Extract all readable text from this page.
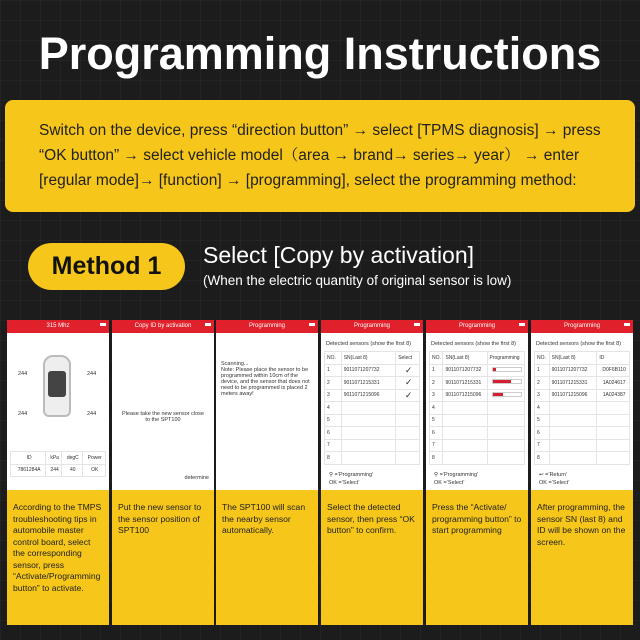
Programming Instructions
Switch on the device, press “direction button” → select [TPMS diagnosis] → press
“OK button” → select vehicle model（area → brand→ series→ year） → enter
[regular mode]→ [function] → [programming], select the programming method:
Method 1	Select [Copy by activation]
(When the electric quantity of original sensor is low)
315 Mhz
244	244
244	244
ID	kPa	degC	Power
7861284A	244	40	OK
According to the TMPS troubleshooting tips in automobile master control board, select the corresponding sensor, press “Activate/Programming button” to activate.
Copy ID by activation
Please take the new sensor close to the SPT100
determine
Put the new sensor to the sensor position of SPT100
Programming
Scanning...
Note: Please place the sensor to be programmed within 10cm of the device, and the sensor that does not need to be programmed is placed 2 meters away!
The SPT100 will scan the nearby sensor automatically.
Programming
Detected sensors (show the first 8)
NO.	SN(Last 8)	Select
1	9011071207732	✓
2	9011071215331	✓
3	9011071215096	✓
4		
5		
6		
7		
8		
⚲ =‘Programming’
OK =‘Select’
Select the detected sensor, then press “OK button” to confirm.
Programming
Detected sensors (show the first 8)
NO.	SN(Last 8)	Programming
1	9011071207732	

2	9011071215331	

3	9011071215096	

4		
5		
6		
7		
8		
⚲ =‘Programming’
OK =‘Select’
Press the “Activate/ programming button” to start programming
Programming
Detected sensors (show the first 8)
NO.	SN(Last 8)	ID
1	9011071207732	D0F6B110
2	9011071215331	1A024617
3	9011071215096	1A024387
4		
5		
6		
7		
8		
↩ =‘Return’
OK =‘Select’
After programming, the sensor SN (last 8) and ID will be shown on the screen.
